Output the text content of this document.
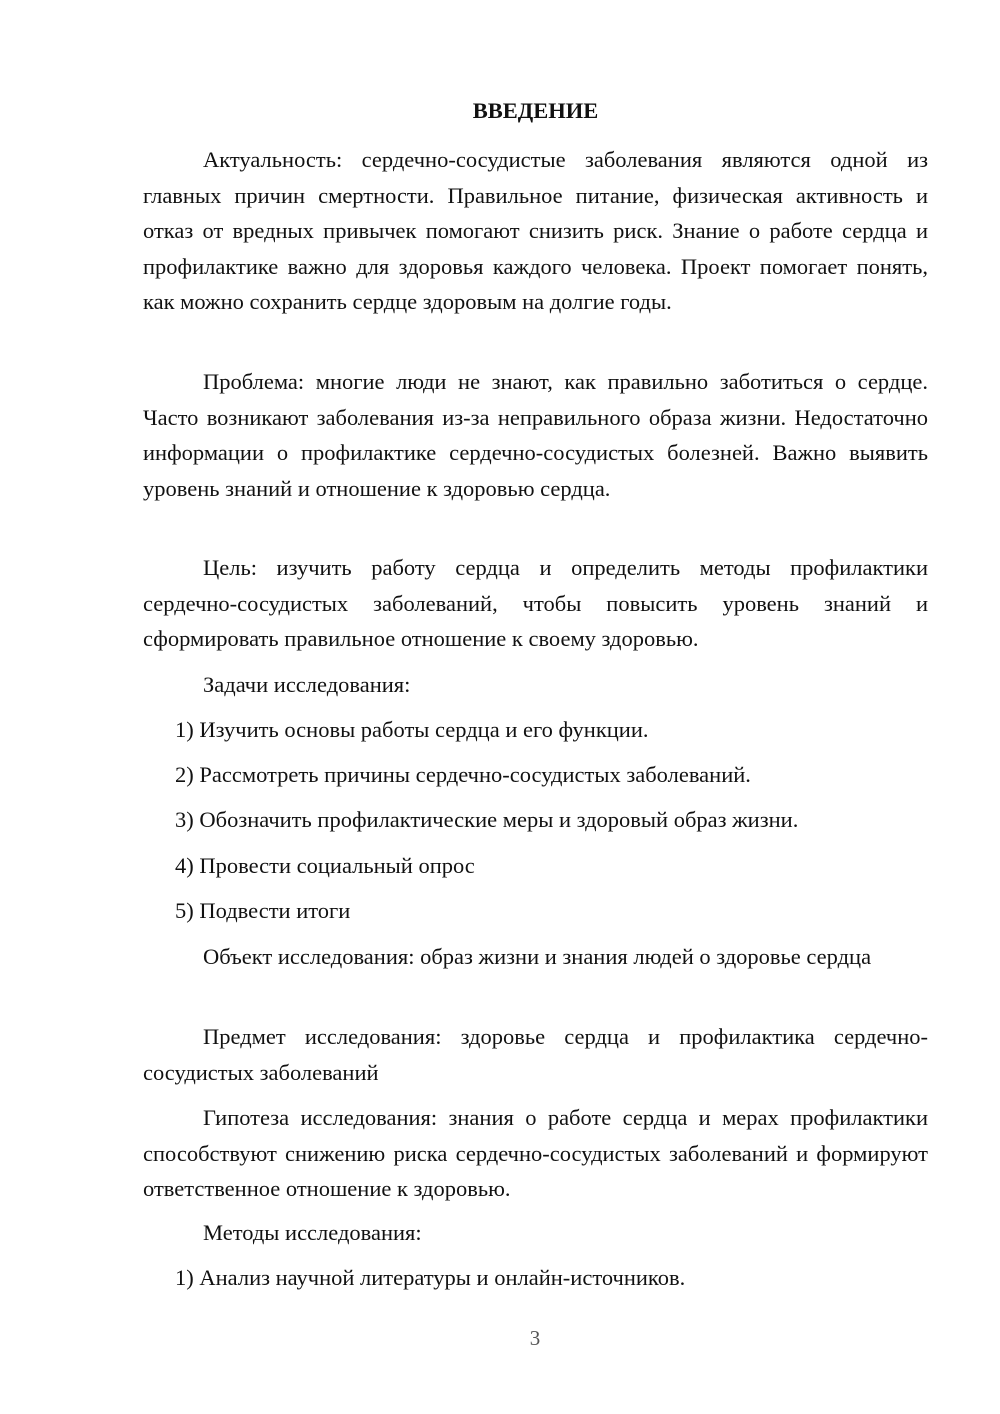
ВВЕДЕНИЕ

Актуальность: сердечно-сосудистые заболевания являются одной из главных причин смертности. Правильное питание, физическая активность и отказ от вредных привычек помогают снизить риск. Знание о работе сердца и профилактике важно для здоровья каждого человека. Проект помогает понять, как можно сохранить сердце здоровым на долгие годы.

Проблема: многие люди не знают, как правильно заботиться о сердце. Часто возникают заболевания из-за неправильного образа жизни. Недостаточно информации о профилактике сердечно-сосудистых болезней. Важно выявить уровень знаний и отношение к здоровью сердца.

Цель: изучить работу сердца и определить методы профилактики сердечно-сосудистых заболеваний, чтобы повысить уровень знаний и сформировать правильное отношение к своему здоровью.

Задачи исследования:

1) Изучить основы работы сердца и его функции.

2) Рассмотреть причины сердечно-сосудистых заболеваний.

3) Обозначить профилактические меры и здоровый образ жизни.

4) Провести социальный опрос

5) Подвести итоги

Объект исследования: образ жизни и знания людей о здоровье сердца

Предмет исследования: здоровье сердца и профилактика сердечно-сосудистых заболеваний

Гипотеза исследования: знания о работе сердца и мерах профилактики способствуют снижению риска сердечно-сосудистых заболеваний и формируют ответственное отношение к здоровью.

Методы исследования:

1) Анализ научной литературы и онлайн-источников.

3
